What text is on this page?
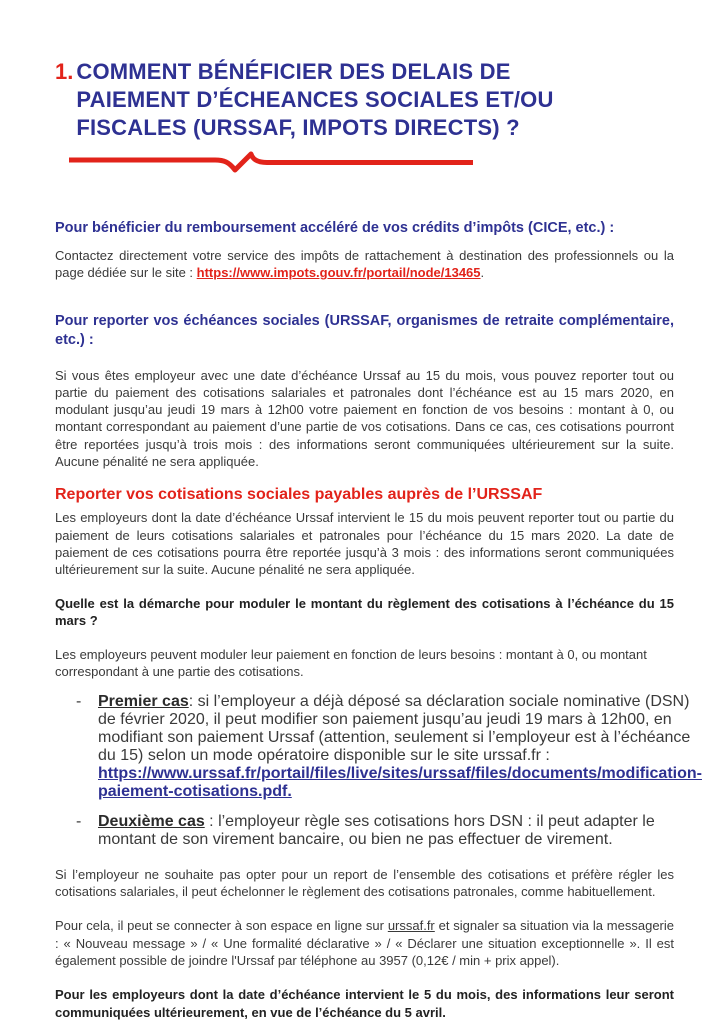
1. COMMENT BÉNÉFICIER DES DELAIS DE PAIEMENT D’ÉCHEANCES SOCIALES ET/OU FISCALES (URSSAF, IMPOTS DIRECTS) ?
Pour bénéficier du remboursement accéléré de vos crédits d’impôts (CICE, etc.) :

Contactez directement votre service des impôts de rattachement à destination des professionnels ou la page dédiée sur le site : https://www.impots.gouv.fr/portail/node/13465.

Pour reporter vos échéances sociales (URSSAF, organismes de retraite complémentaire, etc.) :

Si vous êtes employeur avec une date d’échéance Urssaf au 15 du mois, vous pouvez reporter tout ou partie du paiement des cotisations salariales et patronales dont l’échéance est au 15 mars 2020, en modulant jusqu’au jeudi 19 mars à 12h00 votre paiement en fonction de vos besoins : montant à 0, ou montant correspondant au paiement d’une partie de vos cotisations. Dans ce cas, ces cotisations pourront être reportées jusqu’à trois mois : des informations seront communiquées ultérieurement sur la suite. Aucune pénalité ne sera appliquée.

Reporter vos cotisations sociales payables auprès de l’URSSAF

Les employeurs dont la date d’échéance Urssaf intervient le 15 du mois peuvent reporter tout ou partie du paiement de leurs cotisations salariales et patronales pour l’échéance du 15 mars 2020. La date de paiement de ces cotisations pourra être reportée jusqu’à 3 mois : des informations seront communiquées ultérieurement sur la suite. Aucune pénalité ne sera appliquée.

Quelle est la démarche pour moduler le montant du règlement des cotisations à l’échéance du 15 mars ?

Les employeurs peuvent moduler leur paiement en fonction de leurs besoins : montant à 0, ou montant correspondant à une partie des cotisations.

-	Premier cas: si l’employeur a déjà déposé sa déclaration sociale nominative (DSN) de février 2020, il peut modifier son paiement jusqu’au jeudi 19 mars à 12h00, en modifiant son paiement Urssaf (attention, seulement si l’employeur est à l’échéance du 15) selon un mode opératoire disponible sur le site urssaf.fr :
https://www.urssaf.fr/portail/files/live/sites/urssaf/files/documents/modification-paiement-cotisations.pdf.
-	Deuxième cas : l’employeur règle ses cotisations hors DSN : il peut adapter le montant de son virement bancaire, ou bien ne pas effectuer de virement.

Si l’employeur ne souhaite pas opter pour un report de l’ensemble des cotisations et préfère régler les cotisations salariales, il peut échelonner le règlement des cotisations patronales, comme habituellement.

Pour cela, il peut se connecter à son espace en ligne sur urssaf.fr et signaler sa situation via la messagerie : « Nouveau message » / « Une formalité déclarative » / « Déclarer une situation exceptionnelle ». Il est également possible de joindre l'Urssaf par téléphone au 3957 (0,12€ / min + prix appel).

Pour les employeurs dont la date d’échéance intervient le 5 du mois, des informations leur seront communiquées ultérieurement, en vue de l’échéance du 5 avril.
